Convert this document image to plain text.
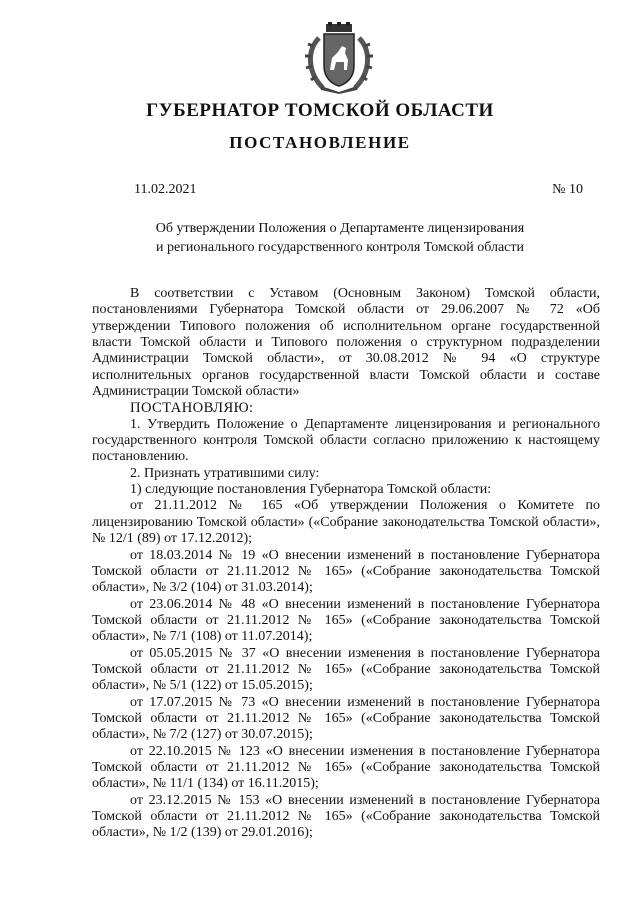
ГУБЕРНАТОР ТОМСКОЙ ОБЛАСТИ
ПОСТАНОВЛЕНИЕ
11.02.2021	№ 10
Об утверждении Положения о Департаменте лицензирования
и регионального государственного контроля Томской области

В соответствии с Уставом (Основным Законом) Томской области, постановлениями Губернатора Томской области от 29.06.2007 № 72 «Об утверждении Типового положения об исполнительном органе государственной власти Томской области и Типового положения о структурном подразделении Администрации Томской области», от 30.08.2012 № 94 «О структуре исполнительных органов государственной власти Томской области и составе Администрации Томской области»

ПОСТАНОВЛЯЮ:

1. Утвердить Положение о Департаменте лицензирования и регионального государственного контроля Томской области согласно приложению к настоящему постановлению.

2. Признать утратившими силу:

1) следующие постановления Губернатора Томской области:

от 21.11.2012 № 165 «Об утверждении Положения о Комитете по лицензированию Томской области» («Собрание законодательства Томской области», № 12/1 (89) от 17.12.2012);

от 18.03.2014 № 19 «О внесении изменений в постановление Губернатора Томской области от 21.11.2012 № 165» («Собрание законодательства Томской области», № 3/2 (104) от 31.03.2014);

от 23.06.2014 № 48 «О внесении изменений в постановление Губернатора Томской области от 21.11.2012 № 165» («Собрание законодательства Томской области», № 7/1 (108) от 11.07.2014);

от 05.05.2015 № 37 «О внесении изменения в постановление Губернатора Томской области от 21.11.2012 № 165» («Собрание законодательства Томской области», № 5/1 (122) от 15.05.2015);

от 17.07.2015 № 73 «О внесении изменений в постановление Губернатора Томской области от 21.11.2012 № 165» («Собрание законодательства Томской области», № 7/2 (127) от 30.07.2015);

от 22.10.2015 № 123 «О внесении изменения в постановление Губернатора Томской области от 21.11.2012 № 165» («Собрание законодательства Томской области», № 11/1 (134) от 16.11.2015);

от 23.12.2015 № 153 «О внесении изменений в постановление Губернатора Томской области от 21.11.2012 № 165» («Собрание законодательства Томской области», № 1/2 (139) от 29.01.2016);
